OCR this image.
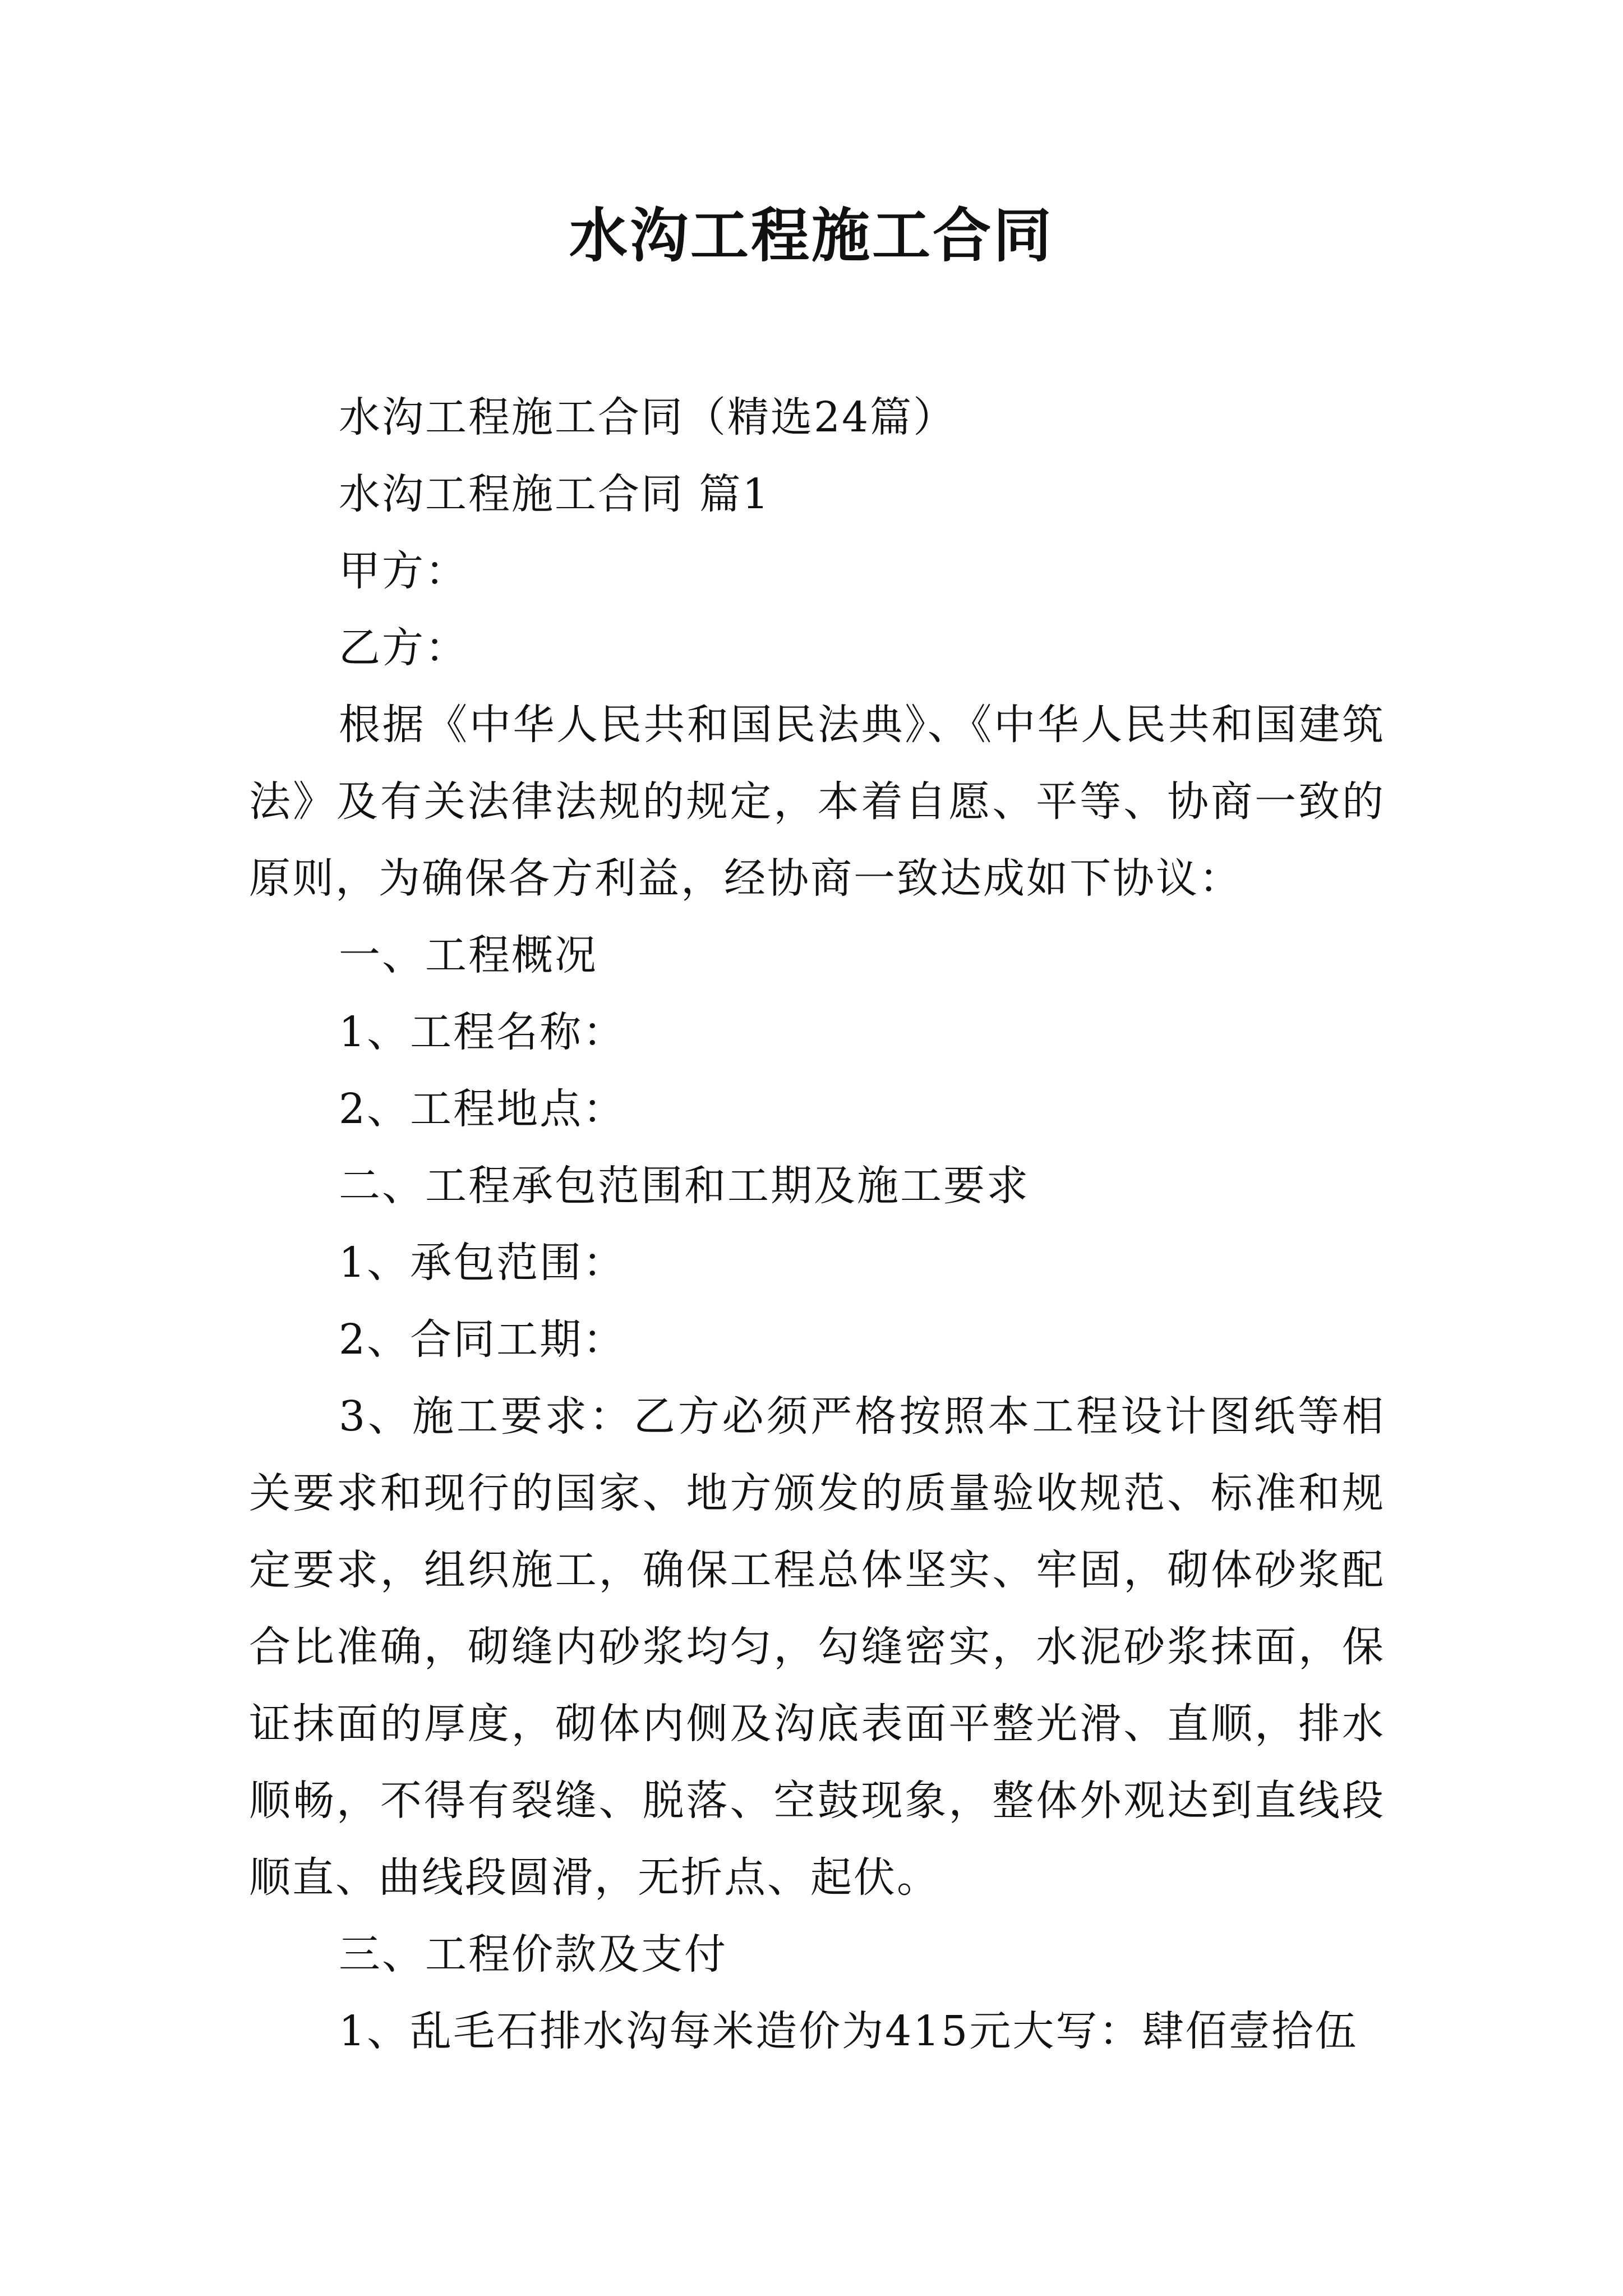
水沟工程施工合同

水沟工程施工合同（精选24篇）

水沟工程施工合同 篇1

甲方：

乙方：

根据《中华人民共和国民法典》、《中华人民共和国建筑法》及有关法律法规的规定，本着自愿、平等、协商一致的原则，为确保各方利益，经协商一致达成如下协议：

一、工程概况

1、工程名称：

2、工程地点：

二、工程承包范围和工期及施工要求

1、承包范围：

2、合同工期：

3、施工要求：乙方必须严格按照本工程设计图纸等相关要求和现行的国家、地方颁发的质量验收规范、标准和规定要求，组织施工，确保工程总体坚实、牢固，砌体砂浆配合比准确，砌缝内砂浆均匀，勾缝密实，水泥砂浆抹面，保证抹面的厚度，砌体内侧及沟底表面平整光滑、直顺，排水顺畅，不得有裂缝、脱落、空鼓现象，整体外观达到直线段顺直、曲线段圆滑，无折点、起伏。

三、工程价款及支付

1、乱毛石排水沟每米造价为415元大写：肆佰壹拾伍
